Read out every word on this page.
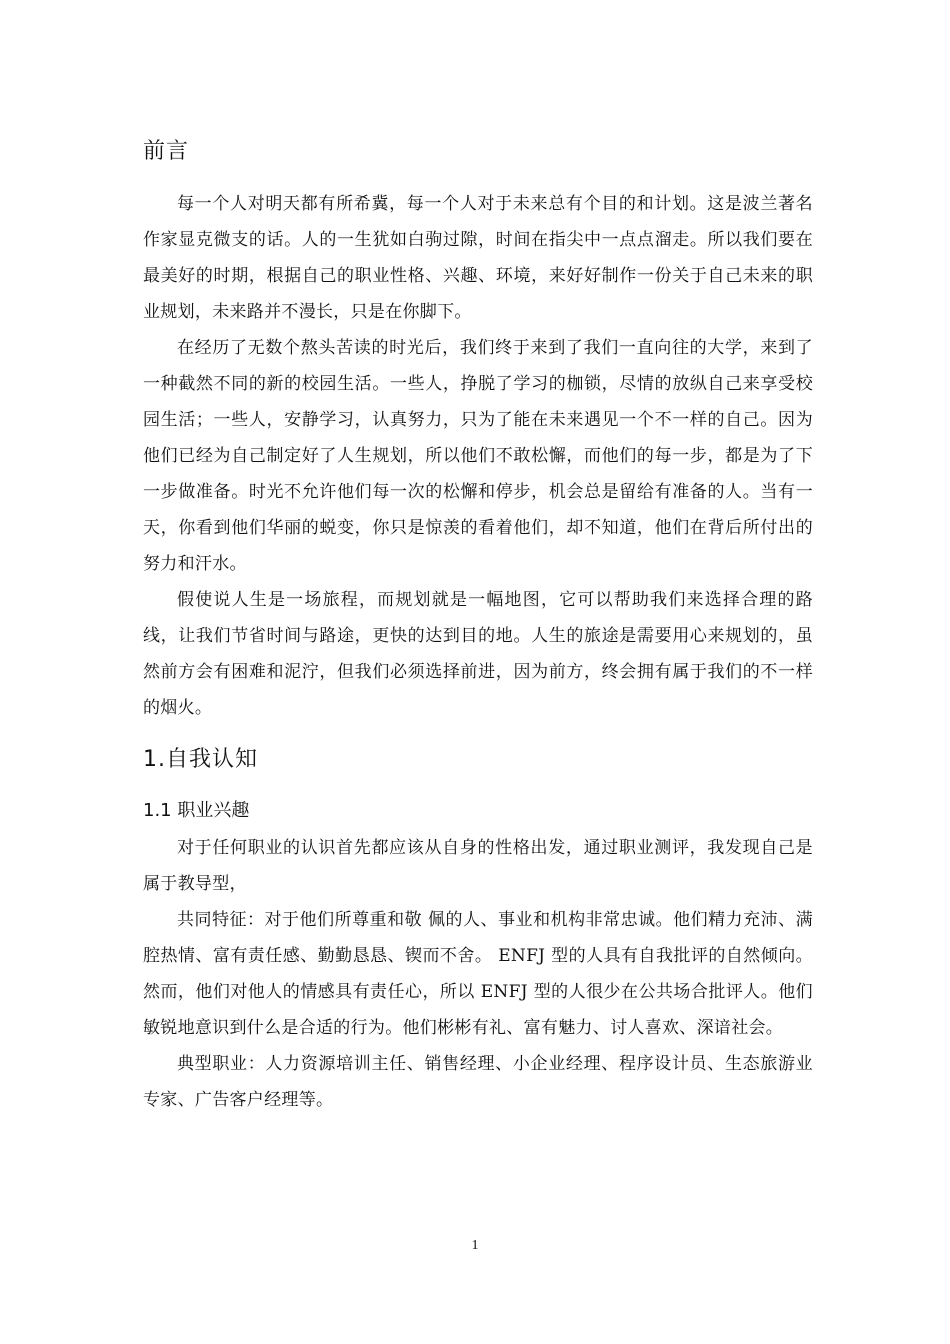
前言

每一个人对明天都有所希冀，每一个人对于未来总有个目的和计划。这是波兰著名作家显克微支的话。人的一生犹如白驹过隙，时间在指尖中一点点溜走。所以我们要在最美好的时期，根据自己的职业性格、兴趣、环境，来好好制作一份关于自己未来的职业规划，未来路并不漫长，只是在你脚下。

在经历了无数个熬头苦读的时光后，我们终于来到了我们一直向往的大学，来到了一种截然不同的新的校园生活。一些人，挣脱了学习的枷锁，尽情的放纵自己来享受校园生活；一些人，安静学习，认真努力，只为了能在未来遇见一个不一样的自己。因为他们已经为自己制定好了人生规划，所以他们不敢松懈，而他们的每一步，都是为了下一步做准备。时光不允许他们每一次的松懈和停步，机会总是留给有准备的人。当有一天，你看到他们华丽的蜕变，你只是惊羡的看着他们，却不知道，他们在背后所付出的努力和汗水。

假使说人生是一场旅程，而规划就是一幅地图，它可以帮助我们来选择合理的路线，让我们节省时间与路途，更快的达到目的地。人生的旅途是需要用心来规划的，虽然前方会有困难和泥泞，但我们必须选择前进，因为前方，终会拥有属于我们的不一样的烟火。

1.自我认知
1.1 职业兴趣

对于任何职业的认识首先都应该从自身的性格出发，通过职业测评，我发现自己是属于教导型，

共同特征：对于他们所尊重和敬 佩的人、事业和机构非常忠诚。他们精力充沛、满腔热情、富有责任感、勤勤恳恳、锲而不舍。 ENFJ 型的人具有自我批评的自然倾向。然而，他们对他人的情感具有责任心，所以 ENFJ 型的人很少在公共场合批评人。他们 敏锐地意识到什么是合适的行为。他们彬彬有礼、富有魅力、讨人喜欢、深谙社会。

典型职业：人力资源培训主任、销售经理、小企业经理、程序设计员、生态旅游业专家、广告客户经理等。

1
